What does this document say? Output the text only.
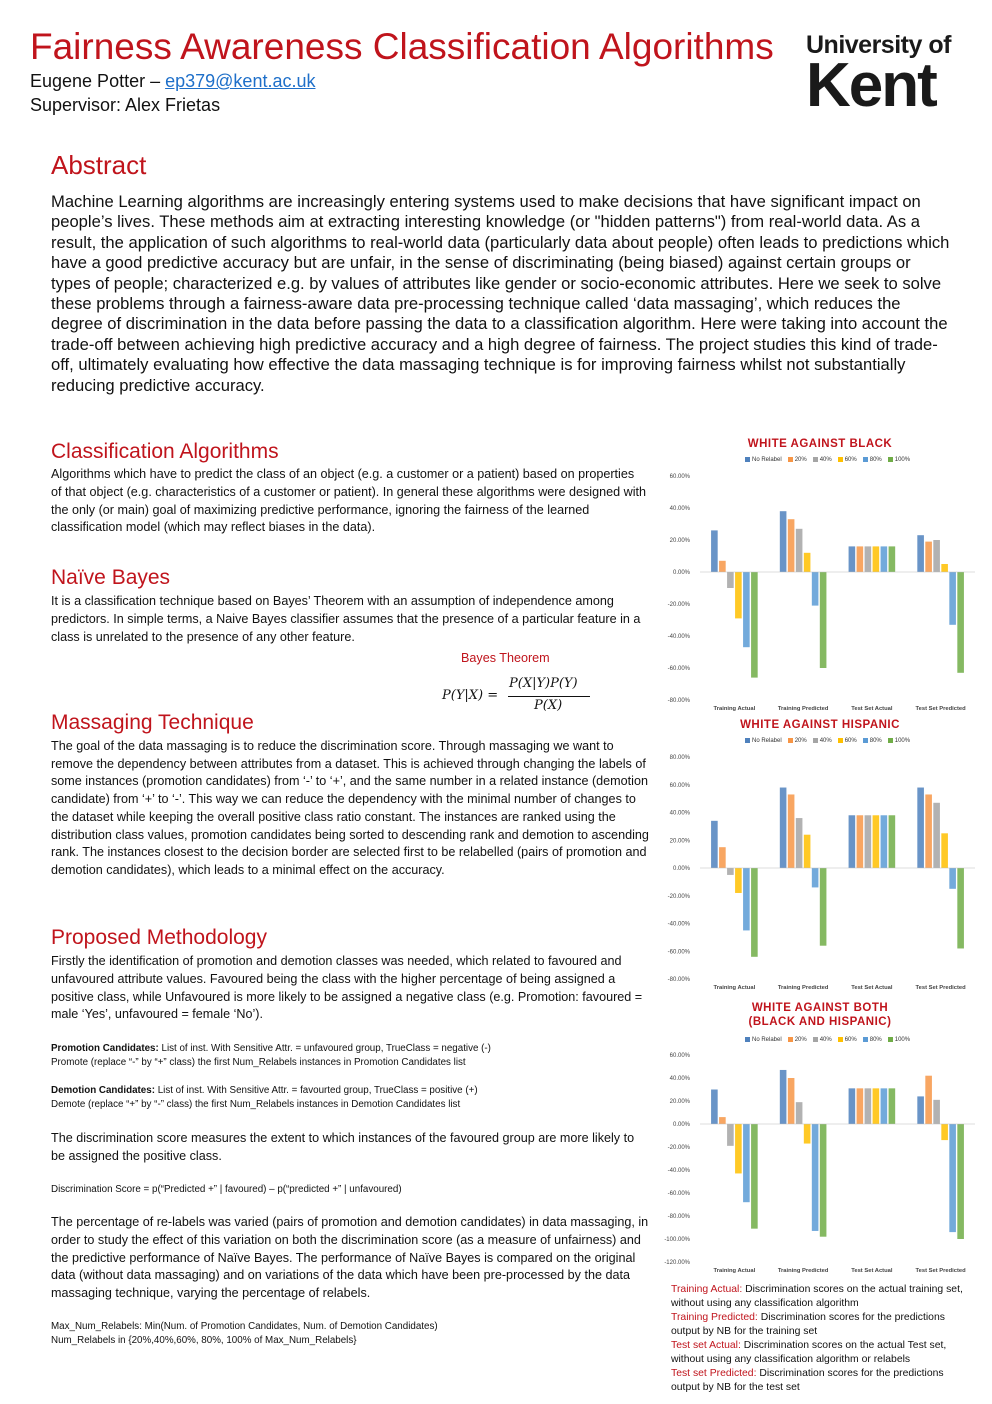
Fairness Awareness Classification Algorithms
Eugene Potter – ep379@kent.ac.uk
Supervisor: Alex Frietas
University of
Kent
Abstract
Machine Learning algorithms are increasingly entering systems used to make decisions that have significant impact on people’s lives. These methods aim at extracting interesting knowledge (or "hidden patterns") from real-world data. As a result, the application of such algorithms to real-world data (particularly data about people) often leads to predictions which have a good predictive accuracy but are unfair, in the sense of discriminating (being biased) against certain groups or types of people; characterized e.g. by values of attributes like gender or socio-economic attributes. Here we seek to solve these problems through a fairness-aware data pre-processing technique called ‘data massaging’, which reduces the degree of discrimination in the data before passing the data to a classification algorithm. Here were taking into account the trade-off between achieving high predictive accuracy and a high degree of fairness. The project studies this kind of trade-off, ultimately evaluating how effective the data massaging technique is for improving fairness whilst not substantially reducing predictive accuracy.
Classification Algorithms
Algorithms which have to predict the class of an object (e.g. a customer or a patient) based on properties of that object (e.g. characteristics of a customer or patient). In general these algorithms were designed with the only (or main) goal of maximizing predictive performance, ignoring the fairness of the learned classification model (which may reflect biases in the data).
Naïve Bayes
It is a classification technique based on Bayes’ Theorem with an assumption of independence among predictors. In simple terms, a Naive Bayes classifier assumes that the presence of a particular feature in a class is unrelated to the presence of any other feature.
Bayes Theorem
P(Y|X) =
P(X|Y)P(Y)
P(X)
Massaging Technique
The goal of the data massaging is to reduce the discrimination score. Through massaging we want to remove the dependency between attributes from a dataset. This is achieved through changing the labels of some instances (promotion candidates) from ‘-’ to ‘+’, and the same number in a related instance (demotion candidate) from ‘+’ to ‘-’. This way we can reduce the dependency with the minimal number of changes to the dataset while keeping the overall positive class ratio constant. The instances are ranked using the distribution class values, promotion candidates being sorted to descending rank and demotion to ascending rank. The instances closest to the decision border are selected first to be relabelled (pairs of promotion and demotion candidates), which leads to a minimal effect on the accuracy.
Proposed Methodology
Firstly the identification of promotion and demotion classes was needed, which related to favoured and unfavoured attribute values. Favoured being the class with the higher percentage of being assigned a positive class, while Unfavoured is more likely to be assigned a negative class (e.g. Promotion: favoured = male ‘Yes’, unfavoured = female ‘No’).
Promotion Candidates: List of inst. With Sensitive Attr. = unfavoured group, TrueClass = negative (-)
Promote (replace “-” by “+” class) the first Num_Relabels instances in Promotion Candidates list
Demotion Candidates: List of inst. With Sensitive Attr. = favourted group, TrueClass = positive (+)
Demote (replace “+” by “-” class) the first Num_Relabels instances in Demotion Candidates list
The discrimination score measures the extent to which instances of the favoured group are more likely to be assigned the positive class.
Discrimination Score = p(“Predicted +” | favoured) – p(“predicted +” | unfavoured)
The percentage of re-labels was varied (pairs of promotion and demotion candidates) in data massaging, in order to study the effect of this variation on both the discrimination score (as a measure of unfairness) and the predictive performance of Naïve Bayes. The performance of Naïve Bayes is compared on the original data (without data massaging) and on variations of the data which have been pre-processed by the data massaging technique, varying the percentage of relabels.
Max_Num_Relabels: Min(Num. of Promotion Candidates, Num. of Demotion Candidates)
Num_Relabels in {20%,40%,60%, 80%, 100% of Max_Num_Relabels}
WHITE AGAINST BLACK
No Relabel	20%	40%	60%	80%	100%
60.00%
40.00%
20.00%
0.00%
-20.00%
-40.00%
-60.00%
-80.00%
Training Actual	Training Predicted	Test Set Actual	Test Set Predicted
WHITE AGAINST HISPANIC
No Relabel	20%	40%	60%	80%	100%
80.00%
60.00%
40.00%
20.00%
0.00%
-20.00%
-40.00%
-60.00%
-80.00%
Training Actual	Training Predicted	Test Set Actual	Test Set Predicted
WHITE AGAINST BOTH
(BLACK AND HISPANIC)
No Relabel	20%	40%	60%	80%	100%
60.00%
40.00%
20.00%
0.00%
-20.00%
-40.00%
-60.00%
-80.00%
-100.00%
-120.00%
Training Actual	Training Predicted	Test Set Actual	Test Set Predicted
Training Actual: Discrimination scores on the actual training set, without using any classification algorithm
Training Predicted: Discrimination scores for the predictions output by NB for the training set
Test set Actual: Discrimination scores on the actual Test set, without using any classification algorithm or relabels
Test set Predicted: Discrimination scores for the predictions output by NB for the test set
